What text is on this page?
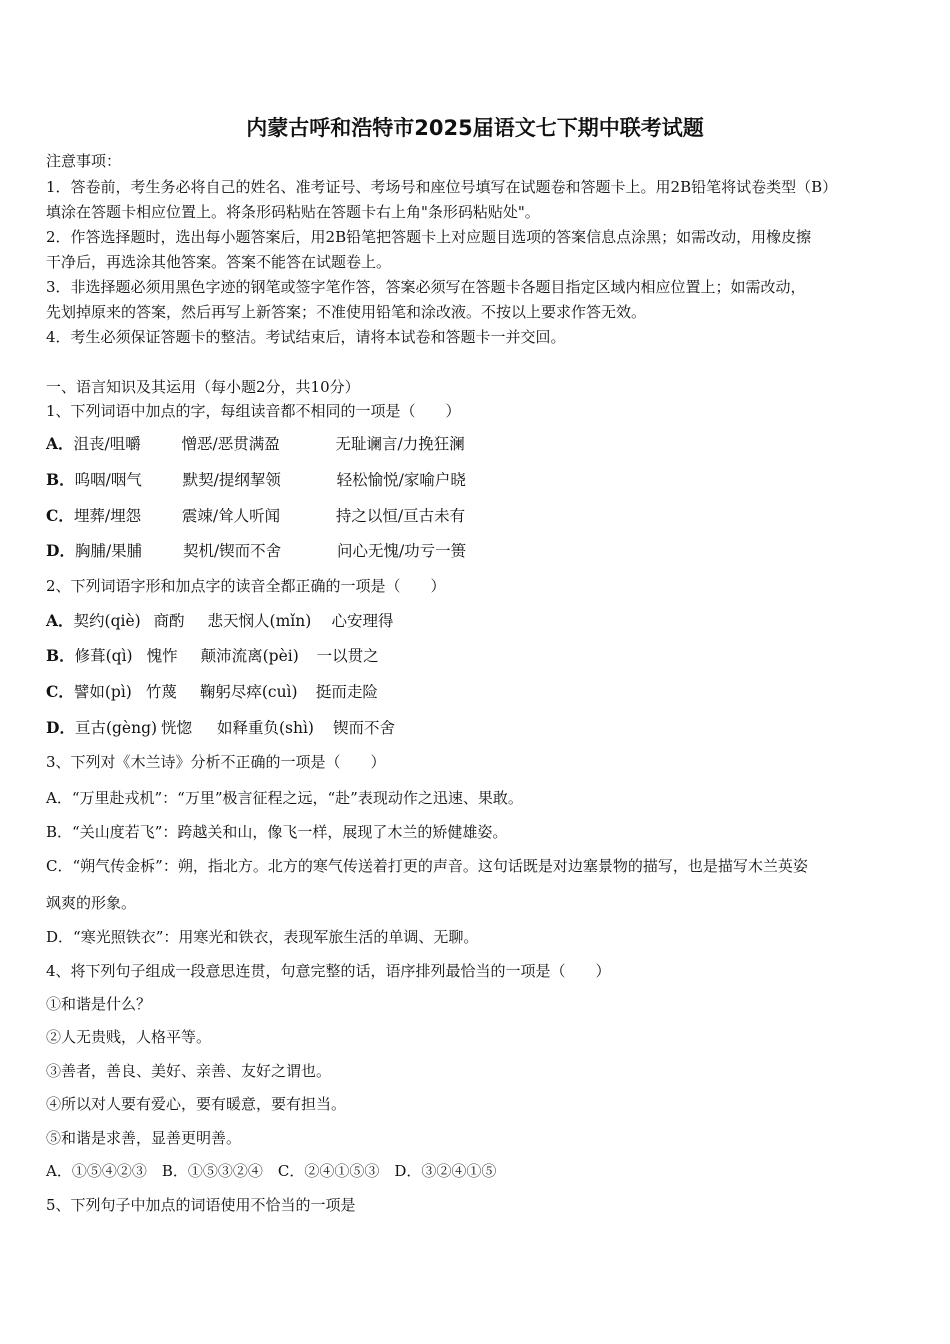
内蒙古呼和浩特市2025届语文七下期中联考试题
注意事项：
1．答卷前，考生务必将自己的姓名、准考证号、考场号和座位号填写在试题卷和答题卡上。用2B铅笔将试卷类型（B）
填涂在答题卡相应位置上。将条形码粘贴在答题卡右上角"条形码粘贴处"。
2．作答选择题时，选出每小题答案后，用2B铅笔把答题卡上对应题目选项的答案信息点涂黑；如需改动，用橡皮擦
干净后，再选涂其他答案。答案不能答在试题卷上。
3．非选择题必须用黑色字迹的钢笔或签字笔作答，答案必须写在答题卡各题目指定区域内相应位置上；如需改动，
先划掉原来的答案，然后再写上新答案；不准使用铅笔和涂改液。不按以上要求作答无效。
4．考生必须保证答题卡的整洁。考试结束后，请将本试卷和答题卡一并交回。
一、语言知识及其运用（每小题2分，共10分）
1、下列词语中加点的字，每组读音都不相同的一项是（　　）
A．沮丧/咀嚼	憎恶/恶贯满盈	无耻谰言/力挽狂澜
B．呜咽/咽气	默契/提纲挈领	轻松愉悦/家喻户晓
C．埋葬/埋怨	震竦/耸人听闻	持之以恒/亘古未有
D．胸脯/果脯	契机/锲而不舍	问心无愧/功亏一篑
2、下列词语字形和加点字的读音全都正确的一项是（　　）
A．契约(qiè) 商酌 悲天悯人(mǐn) 心安理得
B．修葺(qì) 愧怍 颠沛流离(pèi) 一以贯之
C．譬如(pì) 竹蔑 鞠躬尽瘁(cuì) 挺而走险
D．亘古(gèng) 恍惚 如释重负(shì) 锲而不舍
3、下列对《木兰诗》分析不正确的一项是（　　）
A．“万里赴戎机”：“万里”极言征程之远，“赴”表现动作之迅速、果敢。
B．“关山度若飞”：跨越关和山，像飞一样，展现了木兰的矫健雄姿。
C．“朔气传金柝”：朔，指北方。北方的寒气传送着打更的声音。这句话既是对边塞景物的描写，也是描写木兰英姿
飒爽的形象。
D．“寒光照铁衣”：用寒光和铁衣，表现军旅生活的单调、无聊。
4、将下列句子组成一段意思连贯，句意完整的话，语序排列最恰当的一项是（　　）
①和谐是什么？
②人无贵贱，人格平等。
③善者，善良、美好、亲善、友好之谓也。
④所以对人要有爱心，要有暖意，要有担当。
⑤和谐是求善，显善更明善。
A．①⑤④②③　B．①⑤③②④　C．②④①⑤③　D．③②④①⑤
5、下列句子中加点的词语使用不恰当的一项是
